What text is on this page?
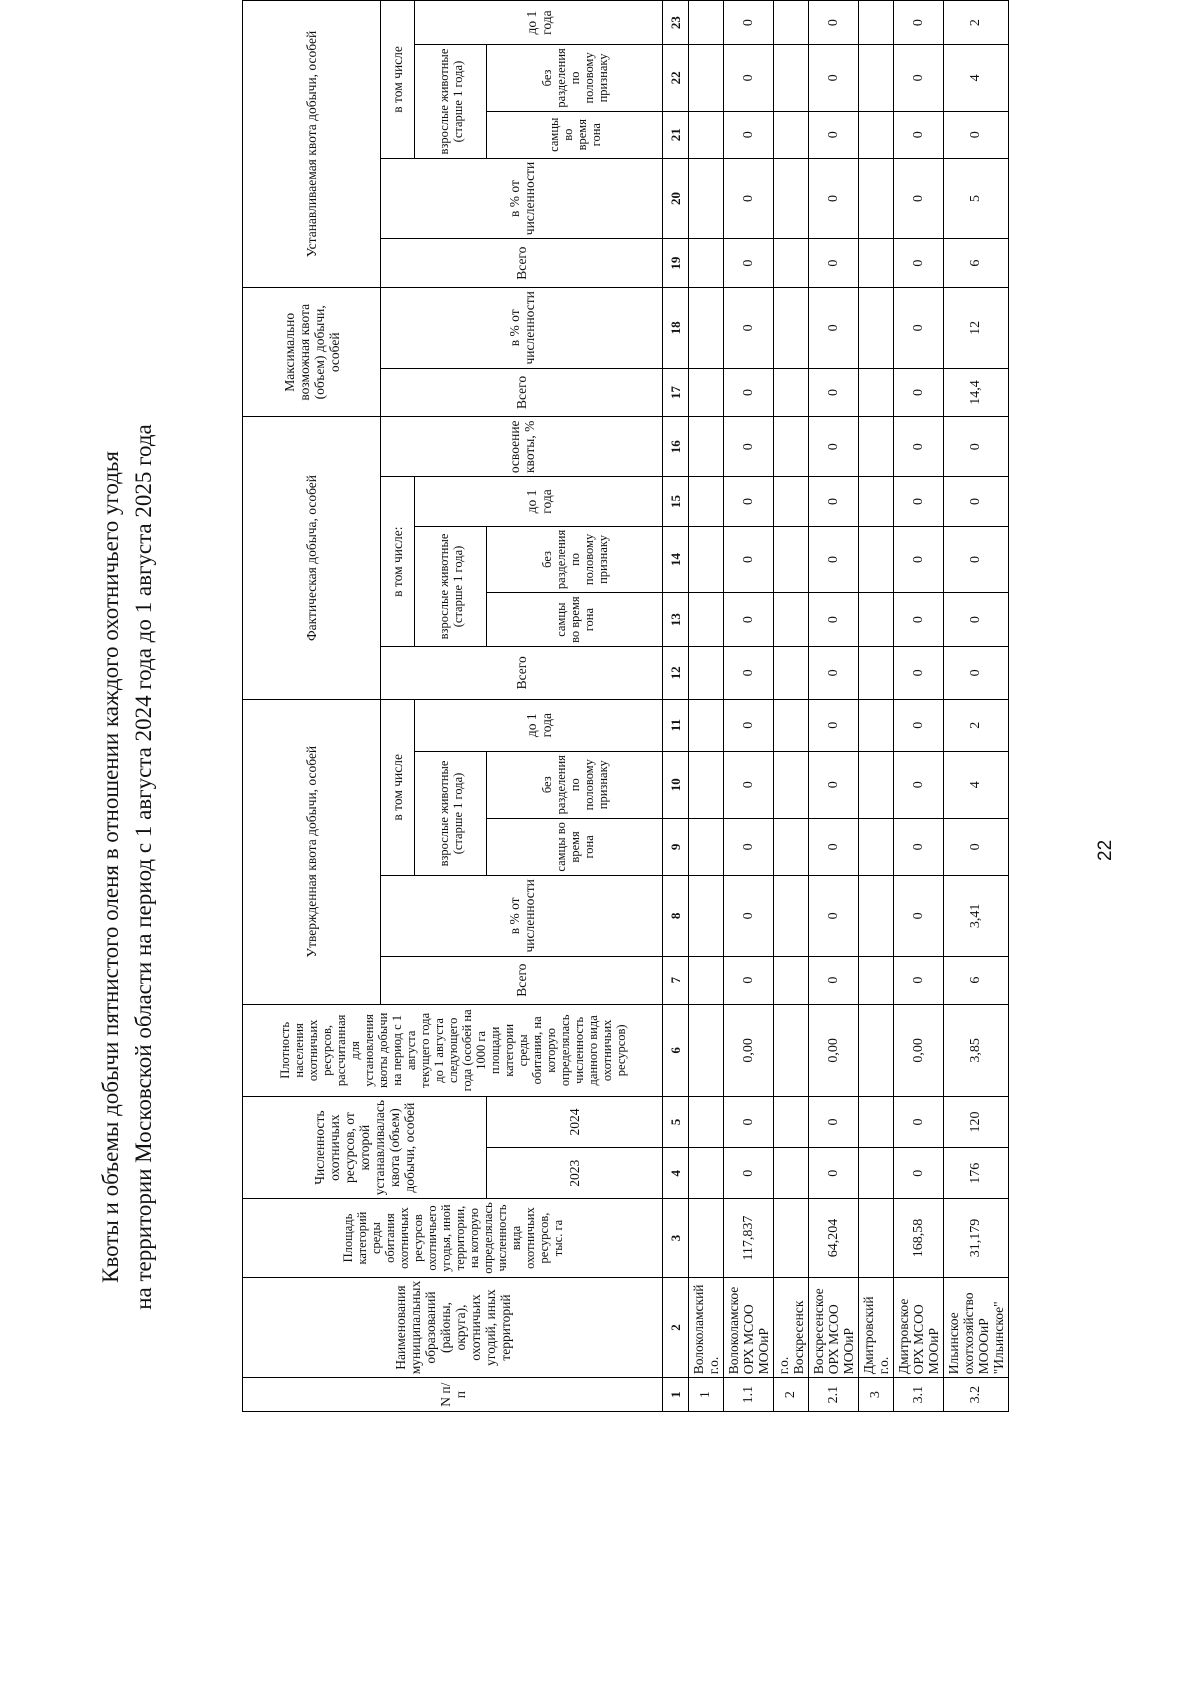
Квоты и объемы добычи пятнистого оленя в отношении каждого охотничьего угодья на территории Московской области на период с 1 августа 2024 года до 1 августа 2025 года
N п/п	Наименования муниципальных образований (районы, округа), охотничьих угодий, иных территорий	Площадь категорий среды обитания охотничьих ресурсов охотничьего угодья, иной территории, на которую определялась численность вида охотничьих ресурсов, тыс. га	Численность охотничьих ресурсов, от которой устанавливалась квота (объем) добычи, особей		Плотность населения охотничьих ресурсов, рассчитанная для установления квоты добычи на период с 1 августа текущего года до 1 августа следующего года (особей на 1000 га площади категории среды обитания, на которую определялась численность данного вида охотничьих ресурсов)	Утвержденная квота добычи, особей					Фактическая добыча, особей					Максимально возможная квота (объем) добычи, особей		Устанавливаемая квота добычи, особей				
						Всего	в % от численности	в том числе			Всего	в том числе:			освоение квоты, %	Всего	в % от численности	Всего	в % от численности	в том числе		
								взрослые животные (старше 1 года)		до 1 года		взрослые животные (старше 1 года)		до 1 года						взрослые животные (старше 1 года)		до 1 года
			2023	2024				самцы во время гона	без разделения по половому признаку			самцы во время гона	без разделения по половому признаку							самцы во время гона	без разделения по половому признаку	
1	2	3	4	5	6	7	8	9	10	11	12	13	14	15	16	17	18	19	20	21	22	23
1	Волоколамский г.о.																					
1.1	Волоколамское ОРХ МСОО МООиР	117,837	0	0	0,00	0	0	0	0	0	0	0	0	0	0	0	0	0	0	0	0	0
2	г.о. Воскресенск																					
2.1	Воскресенское ОРХ МСОО МООиР	64,204	0	0	0,00	0	0	0	0	0	0	0	0	0	0	0	0	0	0	0	0	0
3	Дмитровский г.о.																					
3.1	Дмитровское ОРХ МСОО МООиР	168,58	0	0	0,00	0	0	0	0	0	0	0	0	0	0	0	0	0	0	0	0	0
3.2	Ильинское охотхозяйство МОООиР "Ильинское"	31,179	176	120	3,85	6	3,41	0	4	2	0	0	0	0	0	14,4	12	6	5	0	4	2
22
